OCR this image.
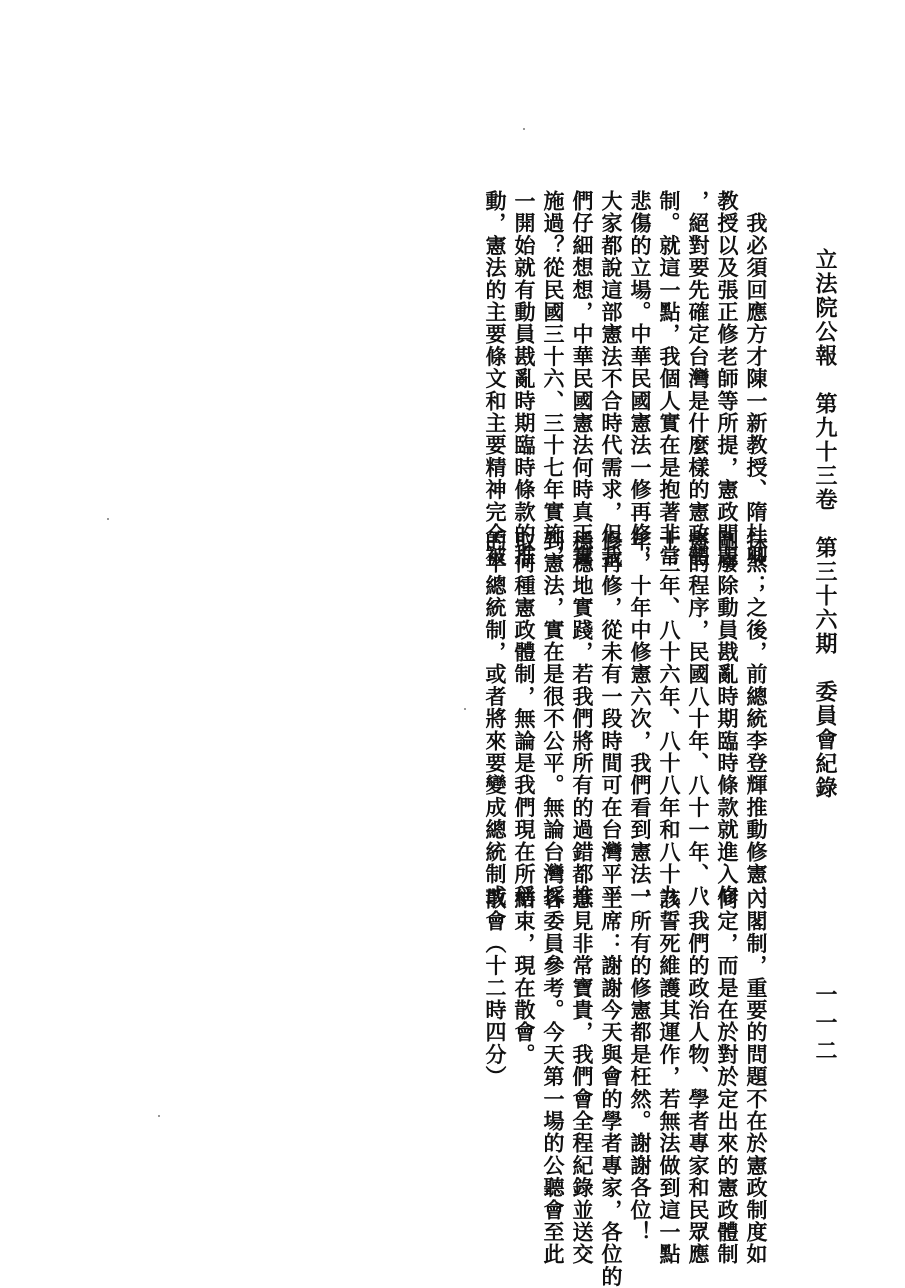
立法院公報　第九十三卷　第三十六期　委員會紀錄
一一二
　我必須回應方才陳一新教授、隋杜卿
教授以及張正修老師等所提，憲政問題
，絕對要先確定台灣是什麼樣的憲政體
制。就這一點，我個人實在是抱著非常
悲傷的立場。中華民國憲法一修再修，
大家都說這部憲法不合時代需求，但我
們仔細想想，中華民國憲法何時真正實
施過？從民國三十六、三十七年實施，
一開始就有動員戡亂時期臨時條款的推
動，憲法的主要條文和主要精神完全被
抹煞；之後，前總統李登輝推動修憲，
剛廢除動員戡亂時期臨時條款就進入修
憲的程序，民國八十年、八十一年、八
十三年、八十六年、八十八年和八十九
年，十年中修憲六次，我們看到憲法一
修再修，從未有一段時間可在台灣平平
穩穩地實踐，若我們將所有的過錯都推
到憲法，實在是很不公平。無論台灣採
取何種憲政體制，無論是我們現在所稱
的半總統制，或者將來要變成總統制或
內閣制，重要的問題不在於憲政制度如
何定，而是在於對於定出來的憲政體制
，我們的政治人物、學者專家和民眾應
該誓死維護其運作，若無法做到這一點
，所有的修憲都是枉然。謝謝各位！
主席：謝謝今天與會的學者專家，各位的
意見非常寶貴，我們會全程紀錄並送交
各委員參考。今天第一場的公聽會至此
結束，現在散會。
散會（十二時四分）
